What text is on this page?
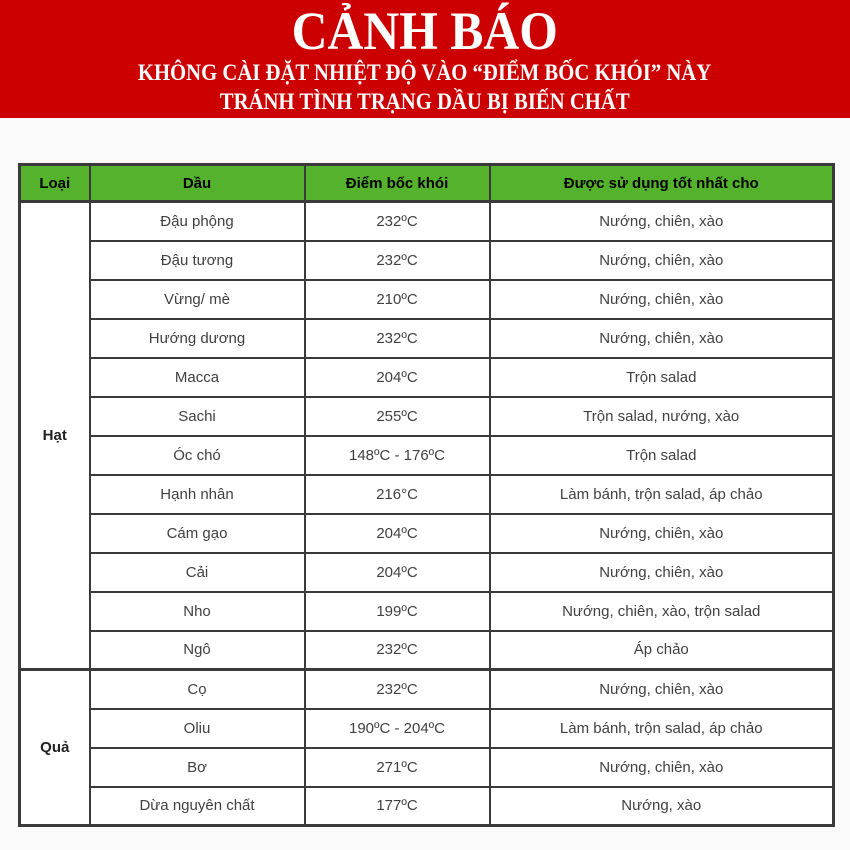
CẢNH BÁO
KHÔNG CÀI ĐẶT NHIỆT ĐỘ VÀO “ĐIỂM BỐC KHÓI” NÀY
TRÁNH TÌNH TRẠNG DẦU BỊ BIẾN CHẤT
Loại	Dầu	Điểm bốc khói	Được sử dụng tốt nhất cho
Hạt	Đậu phộng	232ºC	Nướng, chiên, xào
	Đậu tương	232ºC	Nướng, chiên, xào
	Vừng/ mè	210ºC	Nướng, chiên, xào
	Hướng dương	232ºC	Nướng, chiên, xào
	Macca	204ºC	Trộn salad
	Sachi	255ºC	Trộn salad, nướng, xào
	Óc chó	148ºC - 176ºC	Trộn salad
	Hạnh nhân	216°C	Làm bánh, trộn salad, áp chảo
	Cám gạo	204ºC	Nướng, chiên, xào
	Cải	204ºC	Nướng, chiên, xào
	Nho	199ºC	Nướng, chiên, xào, trộn salad
	Ngô	232ºC	Áp chảo
Quả	Cọ	232ºC	Nướng, chiên, xào
	Oliu	190ºC - 204ºC	Làm bánh, trộn salad, áp chảo
	Bơ	271ºC	Nướng, chiên, xào
	Dừa nguyên chất	177ºC	Nướng, xào
